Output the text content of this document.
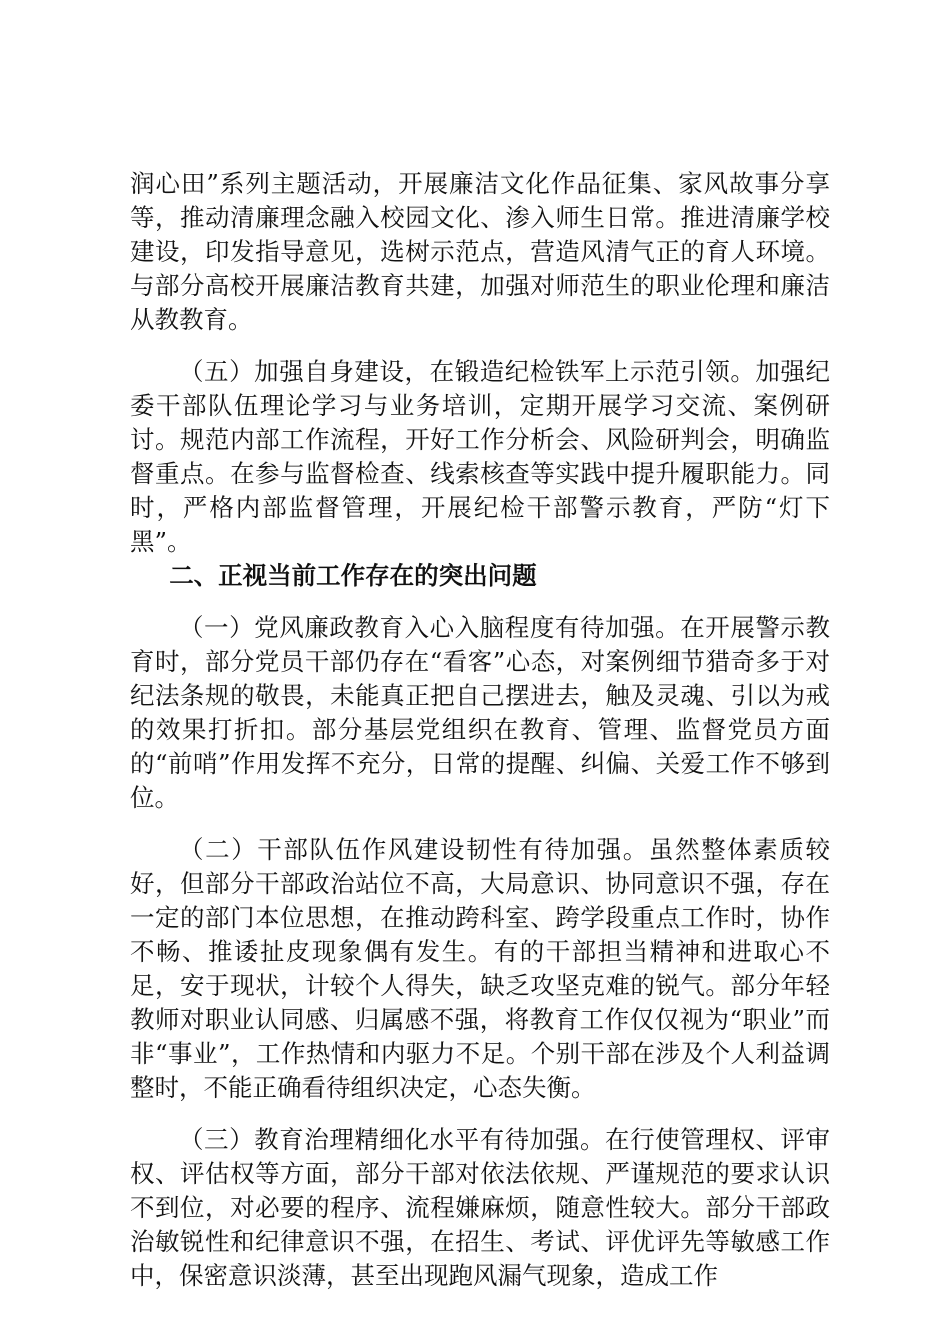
润心田”系列主题活动，开展廉洁文化作品征集、家风故事分享等，推动清廉理念融入校园文化、渗入师生日常。推进清廉学校建设，印发指导意见，选树示范点，营造风清气正的育人环境。与部分高校开展廉洁教育共建，加强对师范生的职业伦理和廉洁从教教育。

（五）加强自身建设，在锻造纪检铁军上示范引领。加强纪委干部队伍理论学习与业务培训，定期开展学习交流、案例研讨。规范内部工作流程，开好工作分析会、风险研判会，明确监督重点。在参与监督检查、线索核查等实践中提升履职能力。同时，严格内部监督管理，开展纪检干部警示教育，严防“灯下黑”。

二、正视当前工作存在的突出问题

（一）党风廉政教育入心入脑程度有待加强。在开展警示教育时，部分党员干部仍存在“看客”心态，对案例细节猎奇多于对纪法条规的敬畏，未能真正把自己摆进去，触及灵魂、引以为戒的效果打折扣。部分基层党组织在教育、管理、监督党员方面的“前哨”作用发挥不充分，日常的提醒、纠偏、关爱工作不够到位。

（二）干部队伍作风建设韧性有待加强。虽然整体素质较好，但部分干部政治站位不高，大局意识、协同意识不强，存在一定的部门本位思想，在推动跨科室、跨学段重点工作时，协作不畅、推诿扯皮现象偶有发生。有的干部担当精神和进取心不足，安于现状，计较个人得失，缺乏攻坚克难的锐气。部分年轻教师对职业认同感、归属感不强，将教育工作仅仅视为“职业”而非“事业”，工作热情和内驱力不足。个别干部在涉及个人利益调整时，不能正确看待组织决定，心态失衡。

（三）教育治理精细化水平有待加强。在行使管理权、评审权、评估权等方面，部分干部对依法依规、严谨规范的要求认识不到位，对必要的程序、流程嫌麻烦，随意性较大。部分干部政治敏锐性和纪律意识不强，在招生、考试、评优评先等敏感工作中，保密意识淡薄，甚至出现跑风漏气现象，造成工作
